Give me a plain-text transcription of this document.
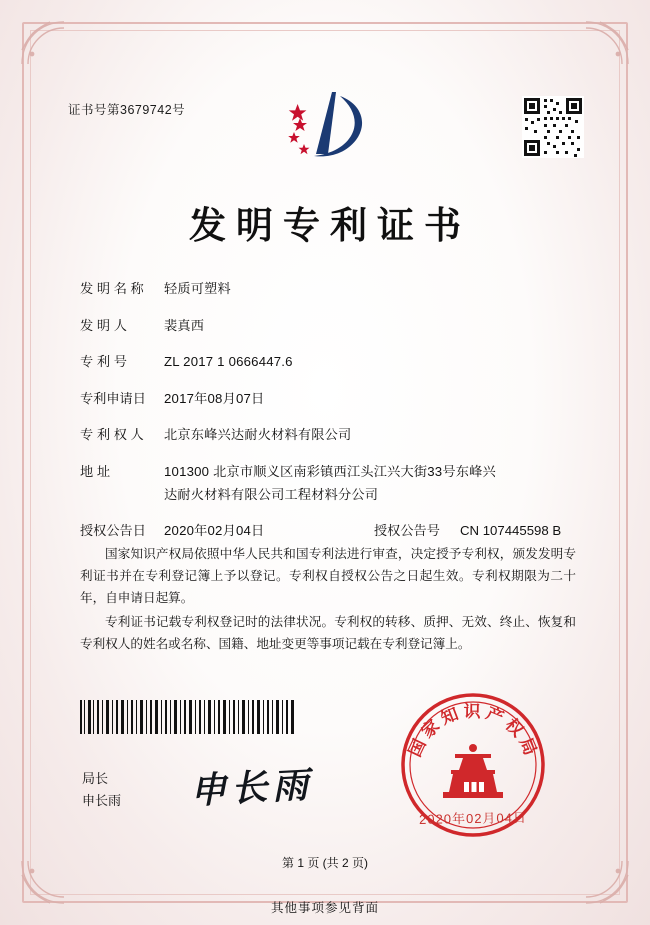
证书号第3679742号
发明专利证书
发 明 名 称	轻质可塑料
发 明 人	裴真西
专 利 号	ZL 2017 1 0666447.6
专利申请日	2017年08月07日
专 利 权 人	北京东峰兴达耐火材料有限公司
地 址	101300 北京市顺义区南彩镇西江头江兴大街33号东峰兴
达耐火材料有限公司工程材料分公司
授权公告日	2020年02月04日	授权公告号	CN 107445598 B
国家知识产权局依照中华人民共和国专利法进行审查，决定授予专利权，颁发发明专利证书并在专利登记簿上予以登记。专利权自授权公告之日起生效。专利权期限为二十年，自申请日起算。
专利证书记载专利权登记时的法律状况。专利权的转移、质押、无效、终止、恢复和专利权人的姓名或名称、国籍、地址变更等事项记载在专利登记簿上。
国家知识产权局
2020年02月04日
局长
申长雨 申长雨
第 1 页 (共 2 页)
其他事项参见背面
